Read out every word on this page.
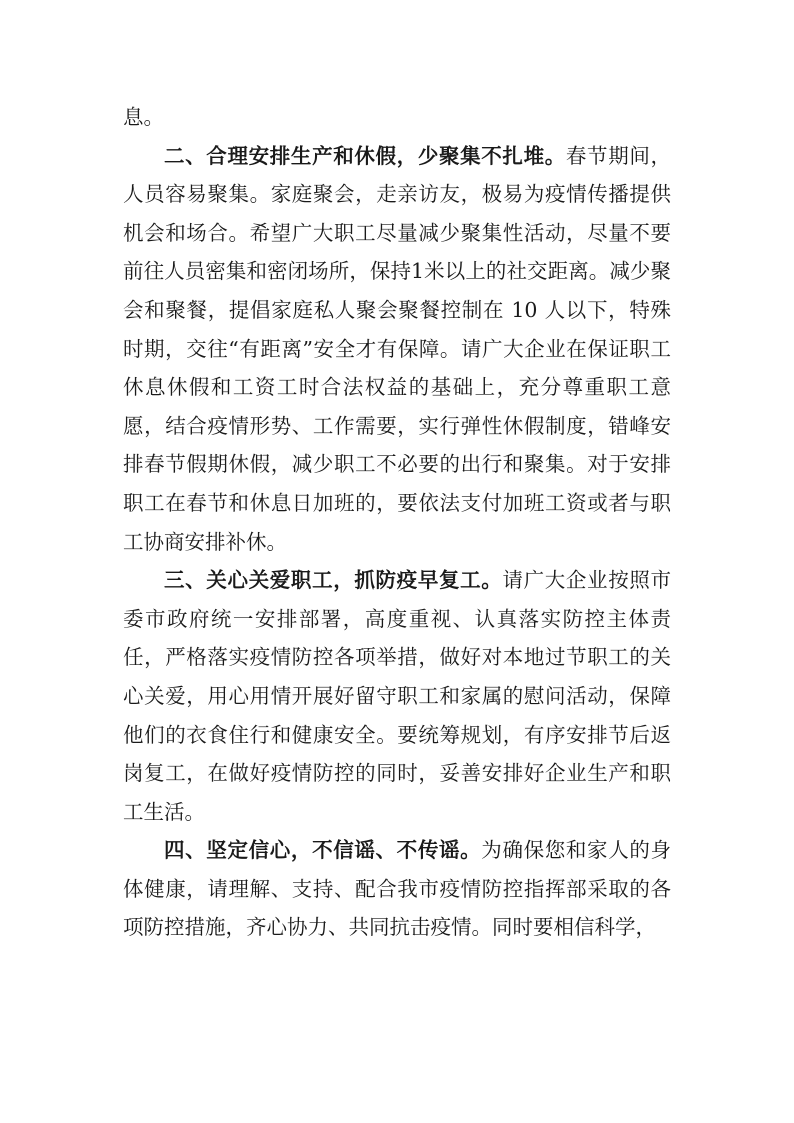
息。

二、合理安排生产和休假，少聚集不扎堆。春节期间，人员容易聚集。家庭聚会，走亲访友，极易为疫情传播提供机会和场合。希望广大职工尽量减少聚集性活动，尽量不要前往人员密集和密闭场所，保持1米以上的社交距离。减少聚会和聚餐，提倡家庭私人聚会聚餐控制在 10 人以下，特殊时期，交往“有距离”安全才有保障。请广大企业在保证职工休息休假和工资工时合法权益的基础上，充分尊重职工意愿，结合疫情形势、工作需要，实行弹性休假制度，错峰安排春节假期休假，减少职工不必要的出行和聚集。对于安排职工在春节和休息日加班的，要依法支付加班工资或者与职工协商安排补休。

三、关心关爱职工，抓防疫早复工。请广大企业按照市委市政府统一安排部署，高度重视、认真落实防控主体责任，严格落实疫情防控各项举措，做好对本地过节职工的关心关爱，用心用情开展好留守职工和家属的慰问活动，保障他们的衣食住行和健康安全。要统筹规划，有序安排节后返岗复工，在做好疫情防控的同时，妥善安排好企业生产和职工生活。

四、坚定信心，不信谣、不传谣。为确保您和家人的身体健康，请理解、支持、配合我市疫情防控指挥部采取的各项防控措施，齐心协力、共同抗击疫情。同时要相信科学，
